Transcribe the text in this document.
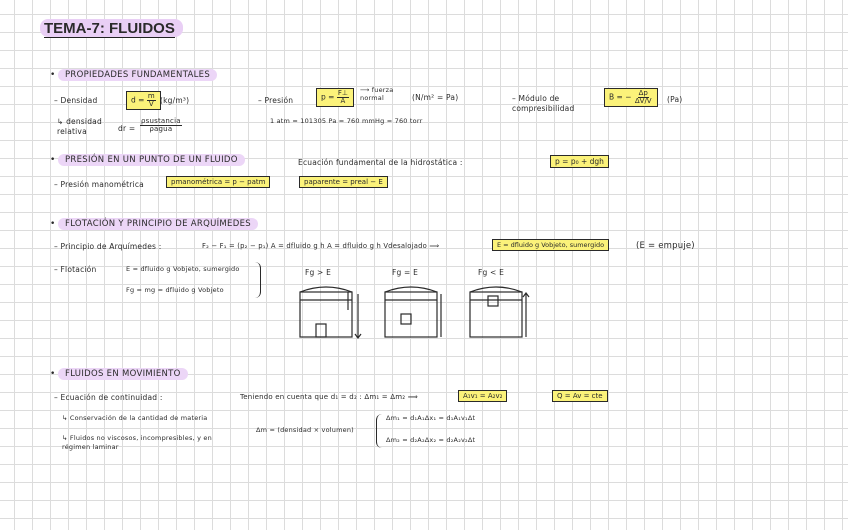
TEMA-7: FLUIDOS
•	PROPIEDADES FUNDAMENTALES
– Densidad	$d = \frac{m}{V} (kg/m^3)$
↳ densidad relativa	dr = $\frac{\text{ρsustancia}}{\text{ρagua}}$
– Presión	$p = \frac{F\perp}{A}$ ⟶ fuerza normal	(N/m² = Pa)
1 atm = 101305 Pa = 760 mmHg = 760 torr
– Módulo de compresibilidad
B = − $\frac{\Delta p}{\Delta V/V} (Pa)$
•	PRESIÓN EN UN PUNTO DE UN FLUIDO	Ecuación fundamental de la hidrostática :	p = p₀ + dgh
– Presión manométrica	pmanométrica = p − patm	paparente = preal − E
•	FLOTACIÓN Y PRINCIPIO DE ARQUÍMEDES
– Principio de Arquímedes :	F₂ − F₁ = (p₂ − p₁) A = dfluido g h A = dfluido g h Vdesalojado ⟹	E = dfluido g Vobjeto, sumergido	(E = empuje)
– Flotación	E = dfluido g Vobjeto, sumergido
Fg = mg = dfluido g Vobjeto
Fg > E	Fg = E	Fg < E
•	FLUIDOS EN MOVIMIENTO
– Ecuación de continuidad :	Teniendo en cuenta que d₁ = d₂ : Δm₁ = Δm₂ ⟹	A₁v₁ = A₂v₂	Q = Av = cte
↳ Conservación de la cantidad de materia
↳ Fluidos no viscosos, incompresibles, y en régimen laminar
Δm = (densidad × volumen)
Δm₁ = d₁A₁Δx₁ = d₁A₁v₁Δt
Δm₂ = d₂A₂Δx₂ = d₂A₂v₂Δt
